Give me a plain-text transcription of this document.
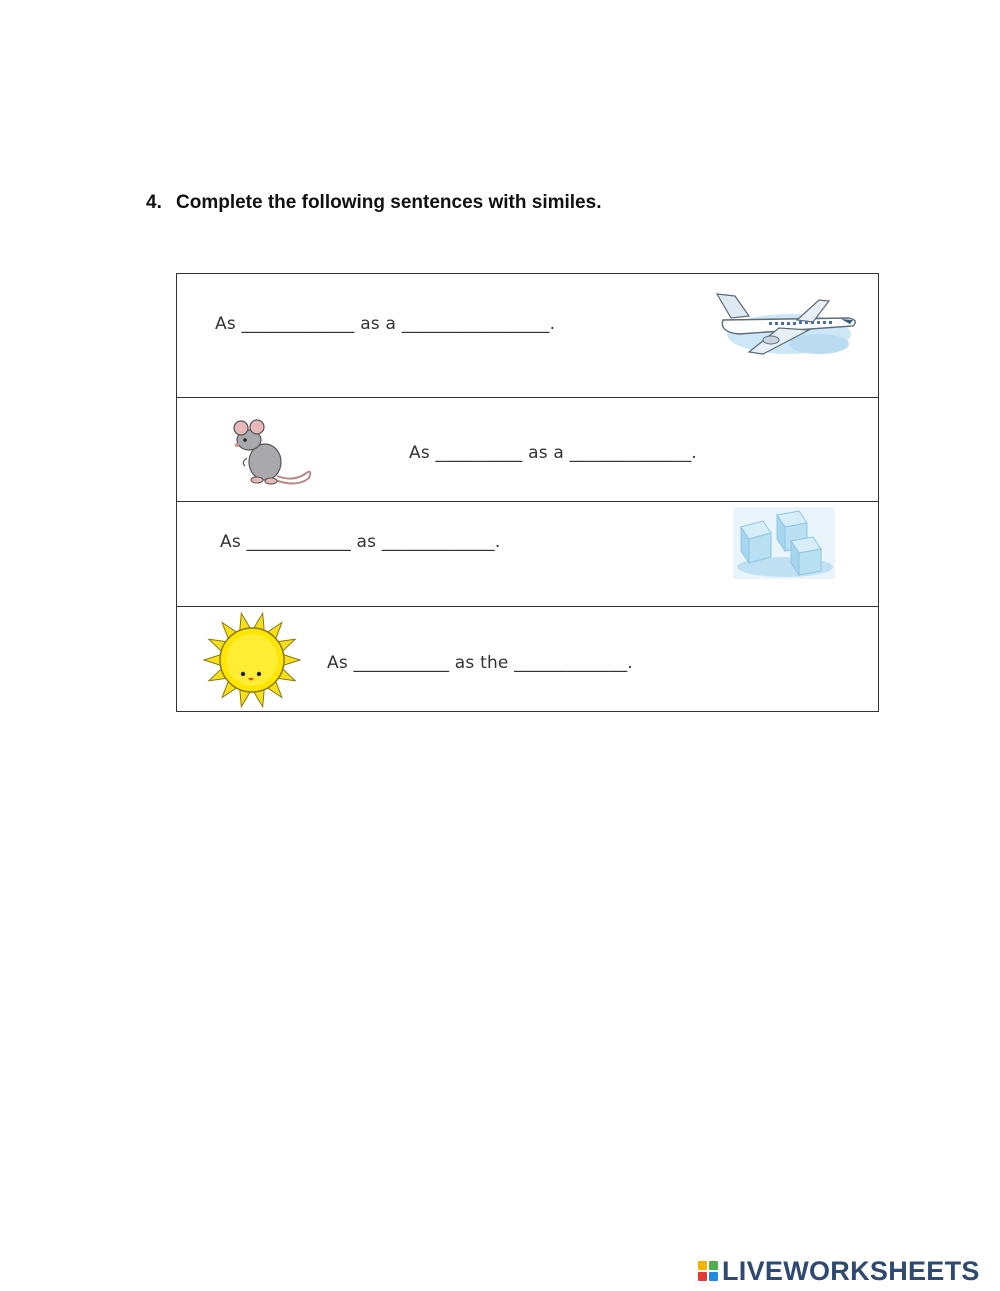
4. Complete the following sentences with similes.
As _____________ as a _________________.
As __________ as a ______________.
As ____________ as _____________.
As ___________ as the _____________.
LIVEWORKSHEETS
